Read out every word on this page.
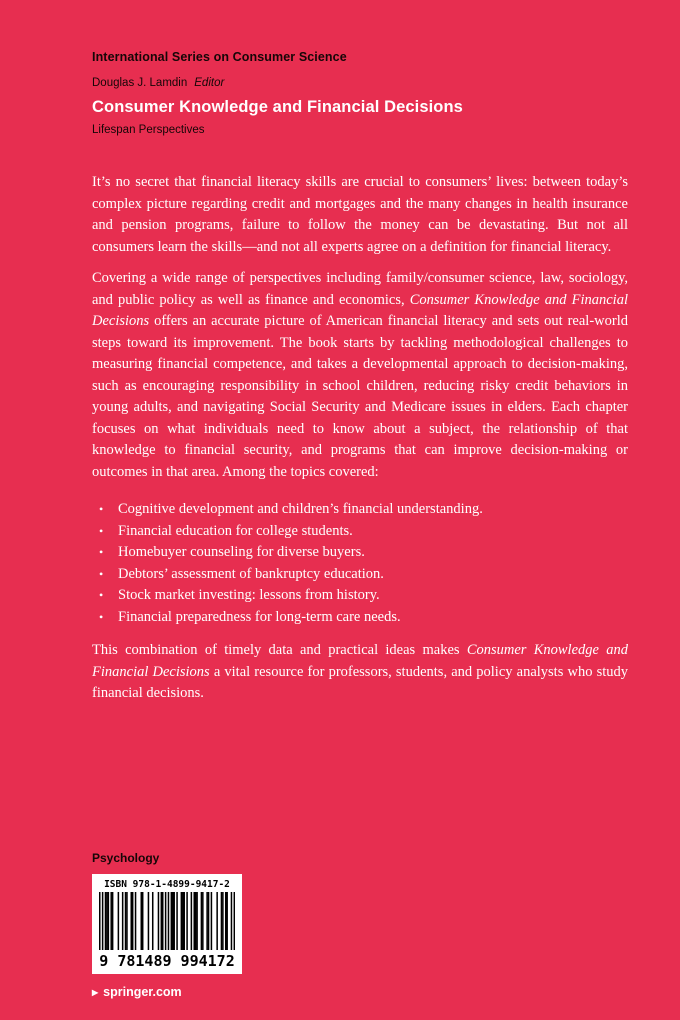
International Series on Consumer Science
Douglas J. Lamdin Editor
Consumer Knowledge and Financial Decisions
Lifespan Perspectives

It’s no secret that financial literacy skills are crucial to consumers’ lives: between today’s complex picture regarding credit and mortgages and the many changes in health insurance and pension programs, failure to follow the money can be devastating. But not all consumers learn the skills—and not all experts agree on a definition for financial literacy.

Covering a wide range of perspectives including family/consumer science, law, sociology, and public policy as well as finance and economics, Consumer Knowledge and Financial Decisions offers an accurate picture of American financial literacy and sets out real-world steps toward its improvement. The book starts by tackling methodological challenges to measuring financial competence, and takes a developmental approach to decision-making, such as encouraging responsibility in school children, reducing risky credit behaviors in young adults, and navigating Social Security and Medicare issues in elders. Each chapter focuses on what individuals need to know about a subject, the relationship of that knowledge to financial security, and programs that can improve decision-making or outcomes in that area. Among the topics covered:

• Cognitive development and children’s financial understanding.
• Financial education for college students.
• Homebuyer counseling for diverse buyers.
• Debtors’ assessment of bankruptcy education.
• Stock market investing: lessons from history.
• Financial preparedness for long-term care needs.

This combination of timely data and practical ideas makes Consumer Knowledge and Financial Decisions a vital resource for professors, students, and policy analysts who study financial decisions.

Psychology
ISBN 978-1-4899-9417-2
9 781489 994172
▶ springer.com
